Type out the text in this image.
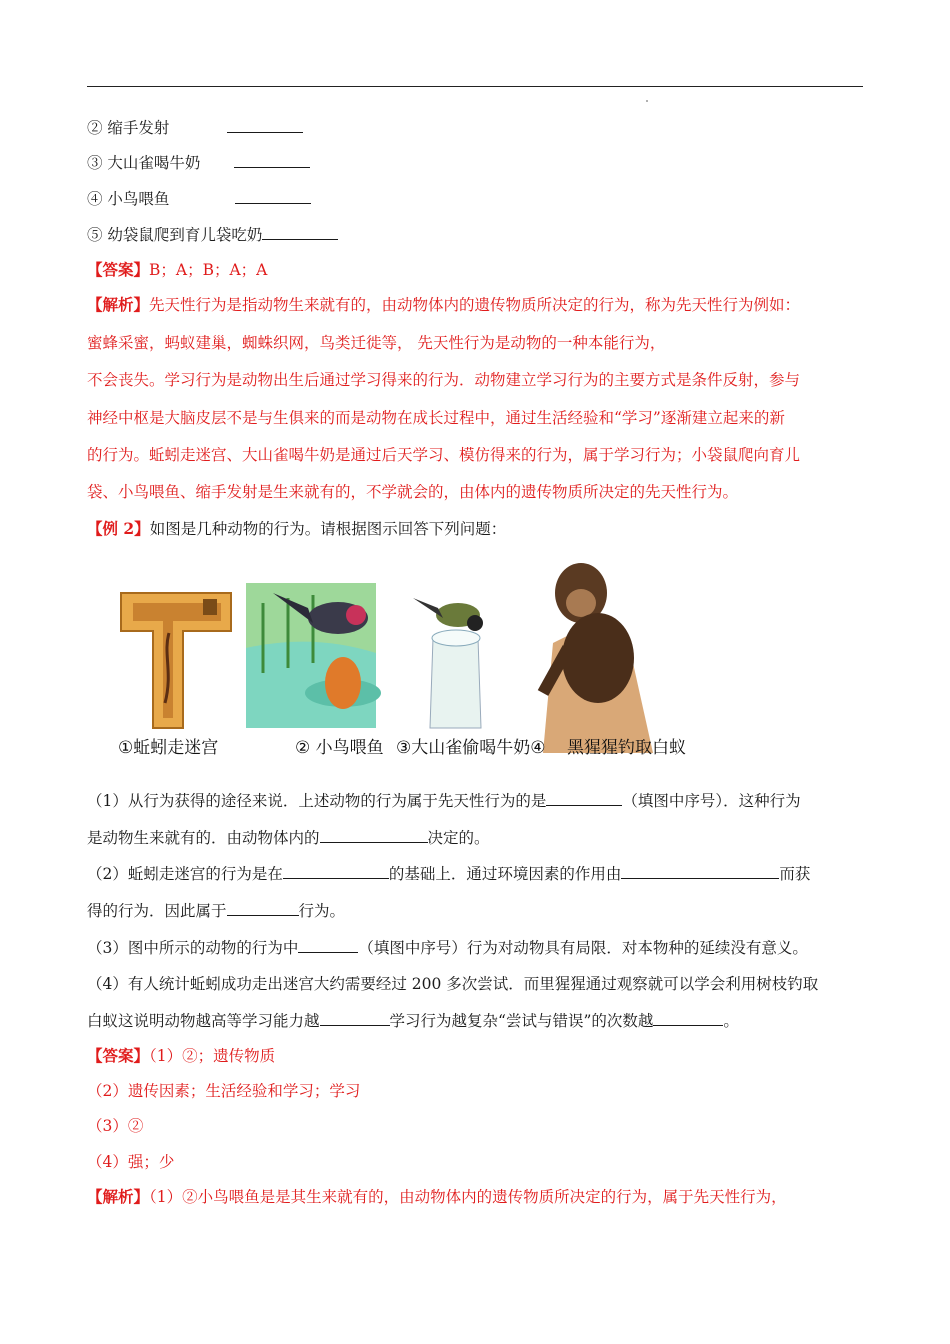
② 缩手发射
③ 大山雀喝牛奶
④ 小鸟喂鱼
⑤ 幼袋鼠爬到育儿袋吃奶
【答案】B；A；B；A；A
【解析】先天性行为是指动物生来就有的，由动物体内的遗传物质所决定的行为，称为先天性行为例如：
蜜蜂采蜜，蚂蚁建巢，蜘蛛织网，鸟类迁徙等， 先天性行为是动物的一种本能行为，
不会丧失。学习行为是动物出生后通过学习得来的行为．动物建立学习行为的主要方式是条件反射，参与
神经中枢是大脑皮层不是与生俱来的而是动物在成长过程中，通过生活经验和“学习”逐渐建立起来的新
的行为。蚯蚓走迷宫、大山雀喝牛奶是通过后天学习、模仿得来的行为，属于学习行为；小袋鼠爬向育儿
袋、小鸟喂鱼、缩手发射是生来就有的，不学就会的，由体内的遗传物质所决定的先天性行为。
【例 2】如图是几种动物的行为。请根据图示回答下列问题：
①蚯蚓走迷宫	② 小鸟喂鱼 ③大山雀偷喝牛奶④ 黑猩猩钓取白蚁
（1）从行为获得的途径来说．上述动物的行为属于先天性行为的是	（填图中序号）．这种行为
是动物生来就有的．由动物体内的	决定的。
（2）蚯蚓走迷宫的行为是在	的基础上．通过环境因素的作用由	而获
得的行为．因此属于	行为。
（3）图中所示的动物的行为中	（填图中序号）行为对动物具有局限．对本物种的延续没有意义。
（4）有人统计蚯蚓成功走出迷宫大约需要经过 200 多次尝试．而里猩猩通过观察就可以学会利用树枝钓取
白蚁这说明动物越高等学习能力越	学习行为越复杂“尝试与错误”的次数越	。
【答案】（1）②；遗传物质
（2）遗传因素；生活经验和学习；学习
（3）②
（4）强；少
【解析】（1）②小鸟喂鱼是是其生来就有的，由动物体内的遗传物质所决定的行为，属于先天性行为，
